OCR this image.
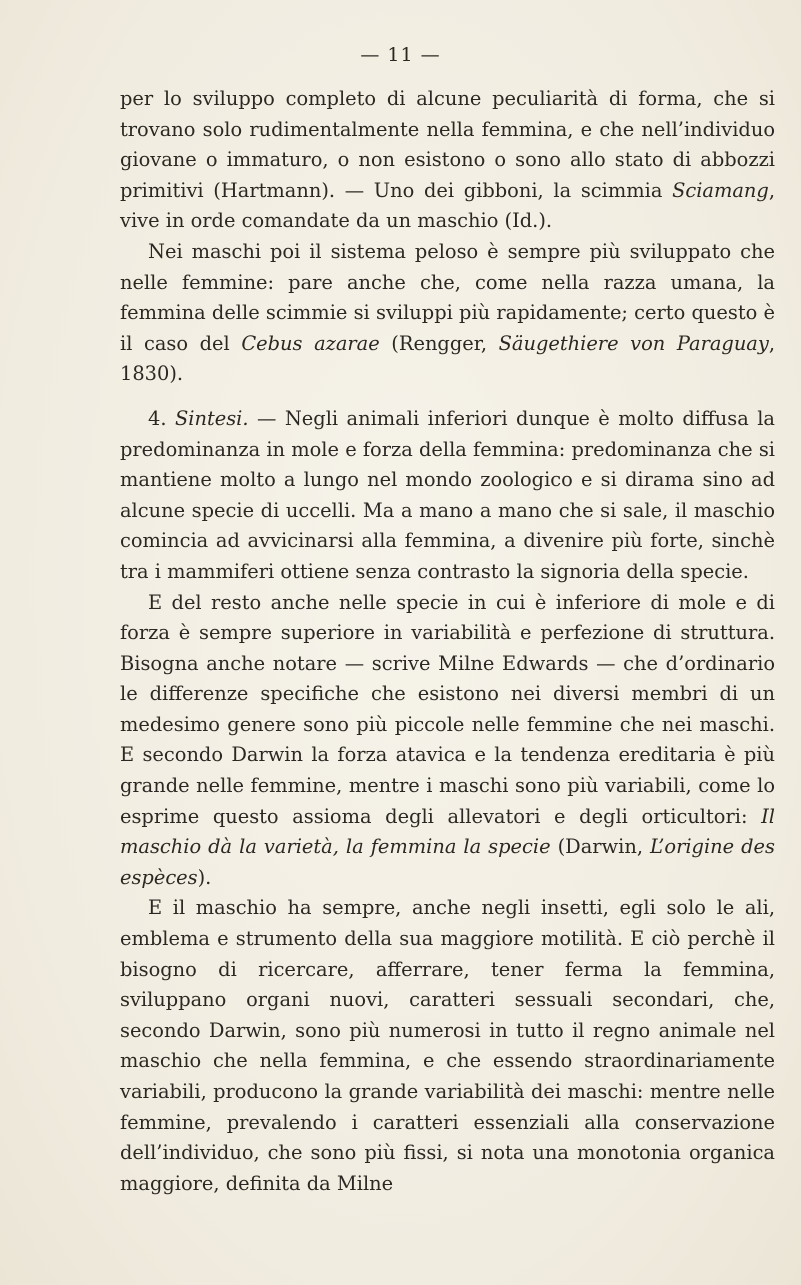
— 11 —

per lo sviluppo completo di alcune peculiarità di forma, che si trovano solo rudimentalmente nella femmina, e che nell’individuo giovane o immaturo, o non esistono o sono allo stato di abbozzi primitivi (Hartmann). — Uno dei gibboni, la scimmia Sciamang, vive in orde comandate da un maschio (Id.).

Nei maschi poi il sistema peloso è sempre più sviluppato che nelle femmine: pare anche che, come nella razza umana, la femmina delle scimmie si sviluppi più rapidamente; certo questo è il caso del Cebus azarae (Rengger, Säugethiere von Paraguay, 1830).

4. Sintesi. — Negli animali inferiori dunque è molto diffusa la predominanza in mole e forza della femmina: predominanza che si mantiene molto a lungo nel mondo zoologico e si dirama sino ad alcune specie di uccelli. Ma a mano a mano che si sale, il maschio comincia ad avvicinarsi alla femmina, a divenire più forte, sinchè tra i mammiferi ottiene senza contrasto la signoria della specie.

E del resto anche nelle specie in cui è inferiore di mole e di forza è sempre superiore in variabilità e perfezione di struttura. Bisogna anche notare — scrive Milne Edwards — che d’ordinario le differenze specifiche che esistono nei diversi membri di un medesimo genere sono più piccole nelle femmine che nei maschi. E secondo Darwin la forza atavica e la tendenza ereditaria è più grande nelle femmine, mentre i maschi sono più variabili, come lo esprime questo assioma degli allevatori e degli orticultori: Il maschio dà la varietà, la femmina la specie (Darwin, L’origine des espèces).

E il maschio ha sempre, anche negli insetti, egli solo le ali, emblema e strumento della sua maggiore motilità. E ciò perchè il bisogno di ricercare, afferrare, tener ferma la femmina, sviluppano organi nuovi, caratteri sessuali secondari, che, secondo Darwin, sono più numerosi in tutto il regno animale nel maschio che nella femmina, e che essendo straordinariamente variabili, producono la grande variabilità dei maschi: mentre nelle femmine, prevalendo i caratteri essenziali alla conservazione dell’individuo, che sono più fissi, si nota una monotonia organica maggiore, definita da Milne
